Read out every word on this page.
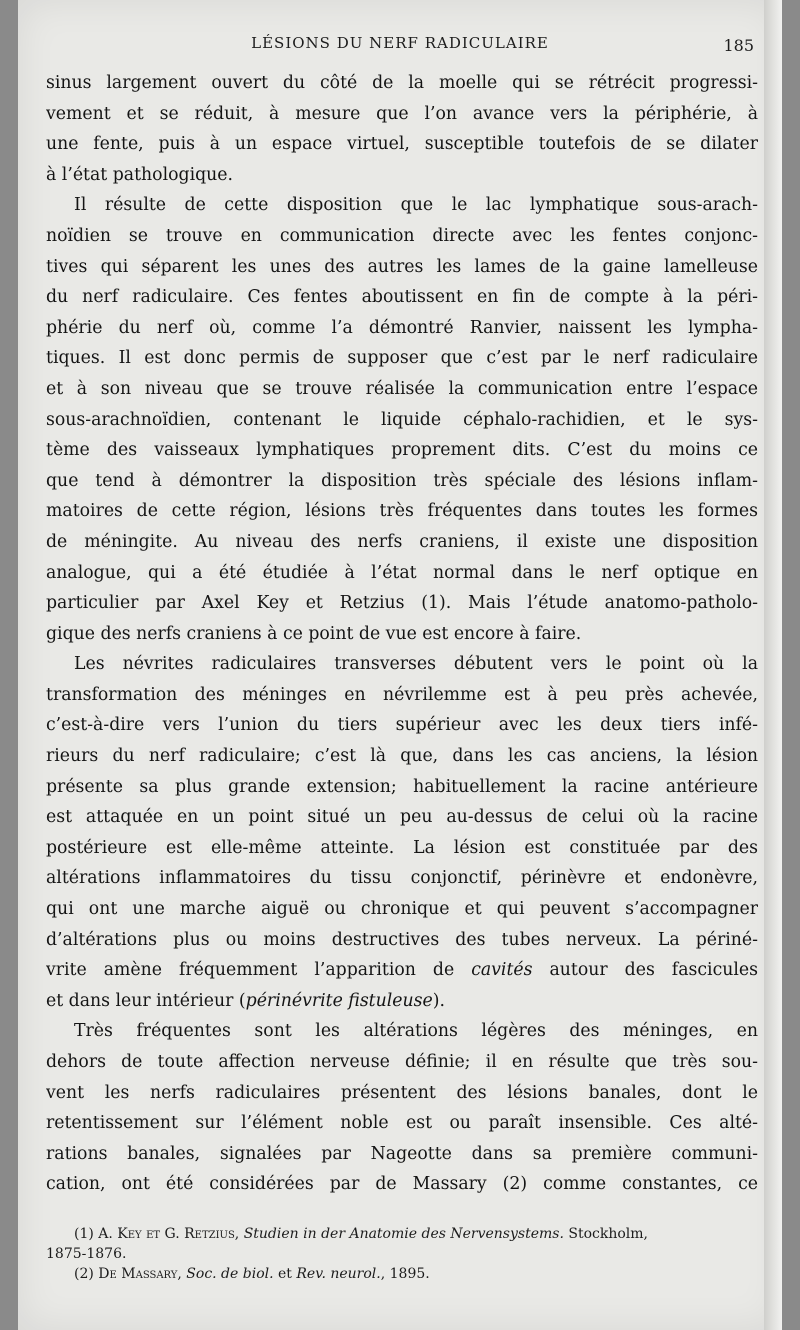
LÉSIONS DU NERF RADICULAIRE	185
sinus largement ouvert du côté de la moelle qui se rétrécit progressi-
vement et se réduit, à mesure que l’on avance vers la périphérie, à
une fente, puis à un espace virtuel, susceptible toutefois de se dilater
à l’état pathologique.
Il résulte de cette disposition que le lac lymphatique sous-arach-
noïdien se trouve en communication directe avec les fentes conjonc-
tives qui séparent les unes des autres les lames de la gaine lamelleuse
du nerf radiculaire. Ces fentes aboutissent en fin de compte à la péri-
phérie du nerf où, comme l’a démontré Ranvier, naissent les lympha-
tiques. Il est donc permis de supposer que c’est par le nerf radiculaire
et à son niveau que se trouve réalisée la communication entre l’espace
sous-arachnoïdien, contenant le liquide céphalo-rachidien, et le sys-
tème des vaisseaux lymphatiques proprement dits. C’est du moins ce
que tend à démontrer la disposition très spéciale des lésions inflam-
matoires de cette région, lésions très fréquentes dans toutes les formes
de méningite. Au niveau des nerfs craniens, il existe une disposition
analogue, qui a été étudiée à l’état normal dans le nerf optique en
particulier par Axel Key et Retzius (1). Mais l’étude anatomo-patholo-
gique des nerfs craniens à ce point de vue est encore à faire.
Les névrites radiculaires transverses débutent vers le point où la
transformation des méninges en névrilemme est à peu près achevée,
c’est-à-dire vers l’union du tiers supérieur avec les deux tiers infé-
rieurs du nerf radiculaire; c’est là que, dans les cas anciens, la lésion
présente sa plus grande extension; habituellement la racine antérieure
est attaquée en un point situé un peu au-dessus de celui où la racine
postérieure est elle-même atteinte. La lésion est constituée par des
altérations inflammatoires du tissu conjonctif, périnèvre et endonèvre,
qui ont une marche aiguë ou chronique et qui peuvent s’accompagner
d’altérations plus ou moins destructives des tubes nerveux. La périné-
vrite amène fréquemment l’apparition de cavités autour des fascicules
et dans leur intérieur (périnévrite fistuleuse).
Très fréquentes sont les altérations légères des méninges, en
dehors de toute affection nerveuse définie; il en résulte que très sou-
vent les nerfs radiculaires présentent des lésions banales, dont le
retentissement sur l’élément noble est ou paraît insensible. Ces alté-
rations banales, signalées par Nageotte dans sa première communi-
cation, ont été considérées par de Massary (2) comme constantes, ce
(1) A. Key et G. Retzius, Studien in der Anatomie des Nervensystems. Stockholm,
1875-1876.
(2) De Massary, Soc. de biol. et Rev. neurol., 1895.
